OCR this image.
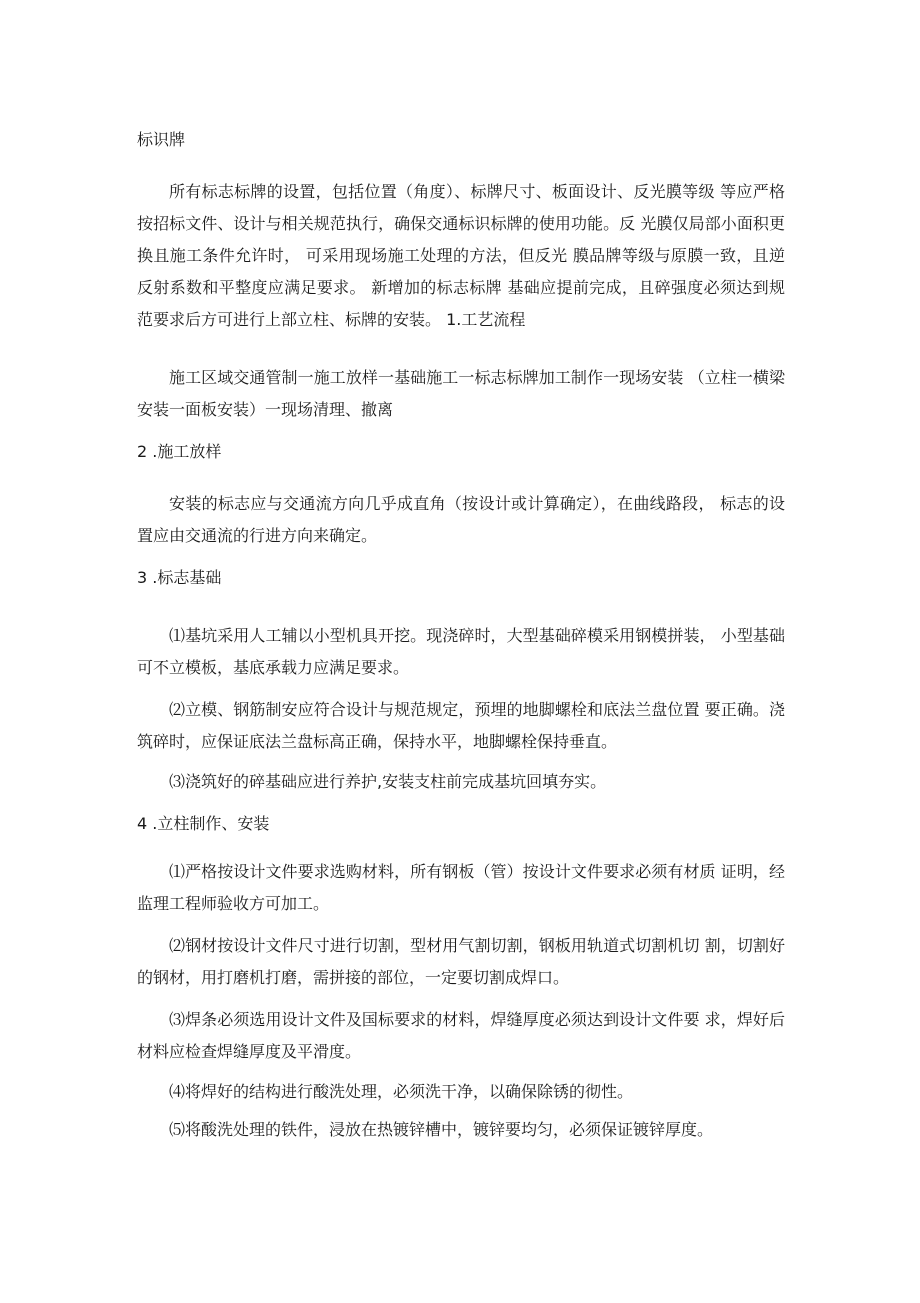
标识牌

所有标志标牌的设置，包括位置（角度）、标牌尺寸、板面设计、反光膜等级 等应严格按招标文件、设计与相关规范执行，确保交通标识标牌的使用功能。反 光膜仅局部小面积更换且施工条件允许时， 可采用现场施工处理的方法，但反光 膜品牌等级与原膜一致，且逆反射系数和平整度应满足要求。 新增加的标志标牌 基础应提前完成，且碎强度必须达到规范要求后方可进行上部立柱、标牌的安装。 1.工艺流程

施工区域交通管制一施工放样一基础施工一标志标牌加工制作一现场安装 （立柱一横梁安装一面板安装）一现场清理、撤离

2 .施工放样

安装的标志应与交通流方向几乎成直角（按设计或计算确定），在曲线路段， 标志的设置应由交通流的行进方向来确定。

3 .标志基础

⑴基坑采用人工辅以小型机具开挖。现浇碎时，大型基础碎模采用钢模拼装， 小型基础可不立模板，基底承载力应满足要求。

⑵立模、钢筋制安应符合设计与规范规定，预埋的地脚螺栓和底法兰盘位置 要正确。浇筑碎时，应保证底法兰盘标高正确，保持水平，地脚螺栓保持垂直。

⑶浇筑好的碎基础应进行养护,安装支柱前完成基坑回填夯实。

4 .立柱制作、安装

⑴严格按设计文件要求选购材料，所有钢板（管）按设计文件要求必须有材质 证明，经监理工程师验收方可加工。

⑵钢材按设计文件尺寸进行切割，型材用气割切割，钢板用轨道式切割机切 割，切割好的钢材，用打磨机打磨，需拼接的部位，一定要切割成焊口。

⑶焊条必须选用设计文件及国标要求的材料，焊缝厚度必须达到设计文件要 求，焊好后材料应检查焊缝厚度及平滑度。

⑷将焊好的结构进行酸洗处理，必须洗干净，以确保除锈的彻性。

⑸将酸洗处理的铁件，浸放在热镀锌槽中，镀锌要均匀，必须保证镀锌厚度。
